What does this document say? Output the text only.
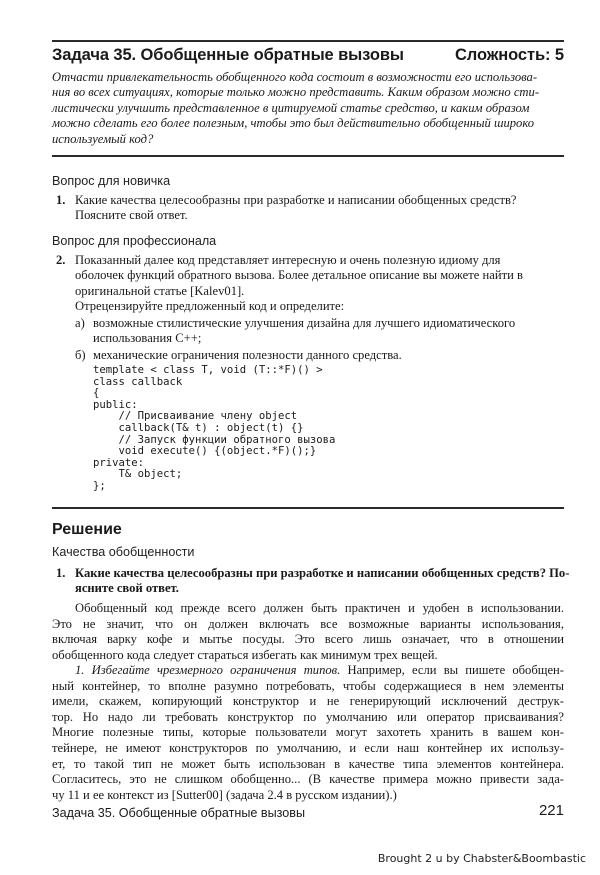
Задача 35. Обобщенные обратные вызовы	Сложность: 5
Отчасти привлекательность обобщенного кода состоит в возможности его использова-
ния во всех ситуациях, которые только можно представить. Каким образом можно сти-
листически улучшить представленное в цитируемой статье средство, и каким образом
можно сделать его более полезным, чтобы это был действительно обобщенный широко
используемый код?
Вопрос для новичка
1. Какие качества целесообразны при разработке и написании обобщенных средств?
Поясните свой ответ.
Вопрос для профессионала
2. Показанный далее код представляет интересную и очень полезную идиому для
оболочек функций обратного вызова. Более детальное описание вы можете найти в
оригинальной статье [Kalev01].
Отрецензируйте предложенный код и определите:
а) возможные стилистические улучшения дизайна для лучшего идиоматического
использования С++;
б) механические ограничения полезности данного средства.
template < class T, void (T::*F)() >
class callback
{
public:
// Присваивание члену object
callback(T& t) : object(t) {}
// Запуск функции обратного вызова
void execute() {(object.*F)();}
private:
T& object;
};
Решение
Качества обобщенности
1. Какие качества целесообразны при разработке и написании обобщенных средств? По-
ясните свой ответ.
Обобщенный код прежде всего должен быть практичен и удобен в использовании.
Это не значит, что он должен включать все возможные варианты использования,
включая варку кофе и мытье посуды. Это всего лишь означает, что в отношении
обобщенного кода следует стараться избегать как минимум трех вещей.
1. Избегайте чрезмерного ограничения типов. Например, если вы пишете обобщен-
ный контейнер, то вполне разумно потребовать, чтобы содержащиеся в нем элементы
имели, скажем, копирующий конструктор и не генерирующий исключений деструк-
тор. Но надо ли требовать конструктор по умолчанию или оператор присваивания?
Многие полезные типы, которые пользователи могут захотеть хранить в вашем кон-
тейнере, не имеют конструкторов по умолчанию, и если наш контейнер их использу-
ет, то такой тип не может быть использован в качестве типа элементов контейнера.
Согласитесь, это не слишком обобщенно... (В качестве примера можно привести зада-
чу 11 и ее контекст из [Sutter00] (задача 2.4 в русском издании).)
Задача 35. Обобщенные обратные вызовы	221
Brought 2 u by Chabster&Boombastic
